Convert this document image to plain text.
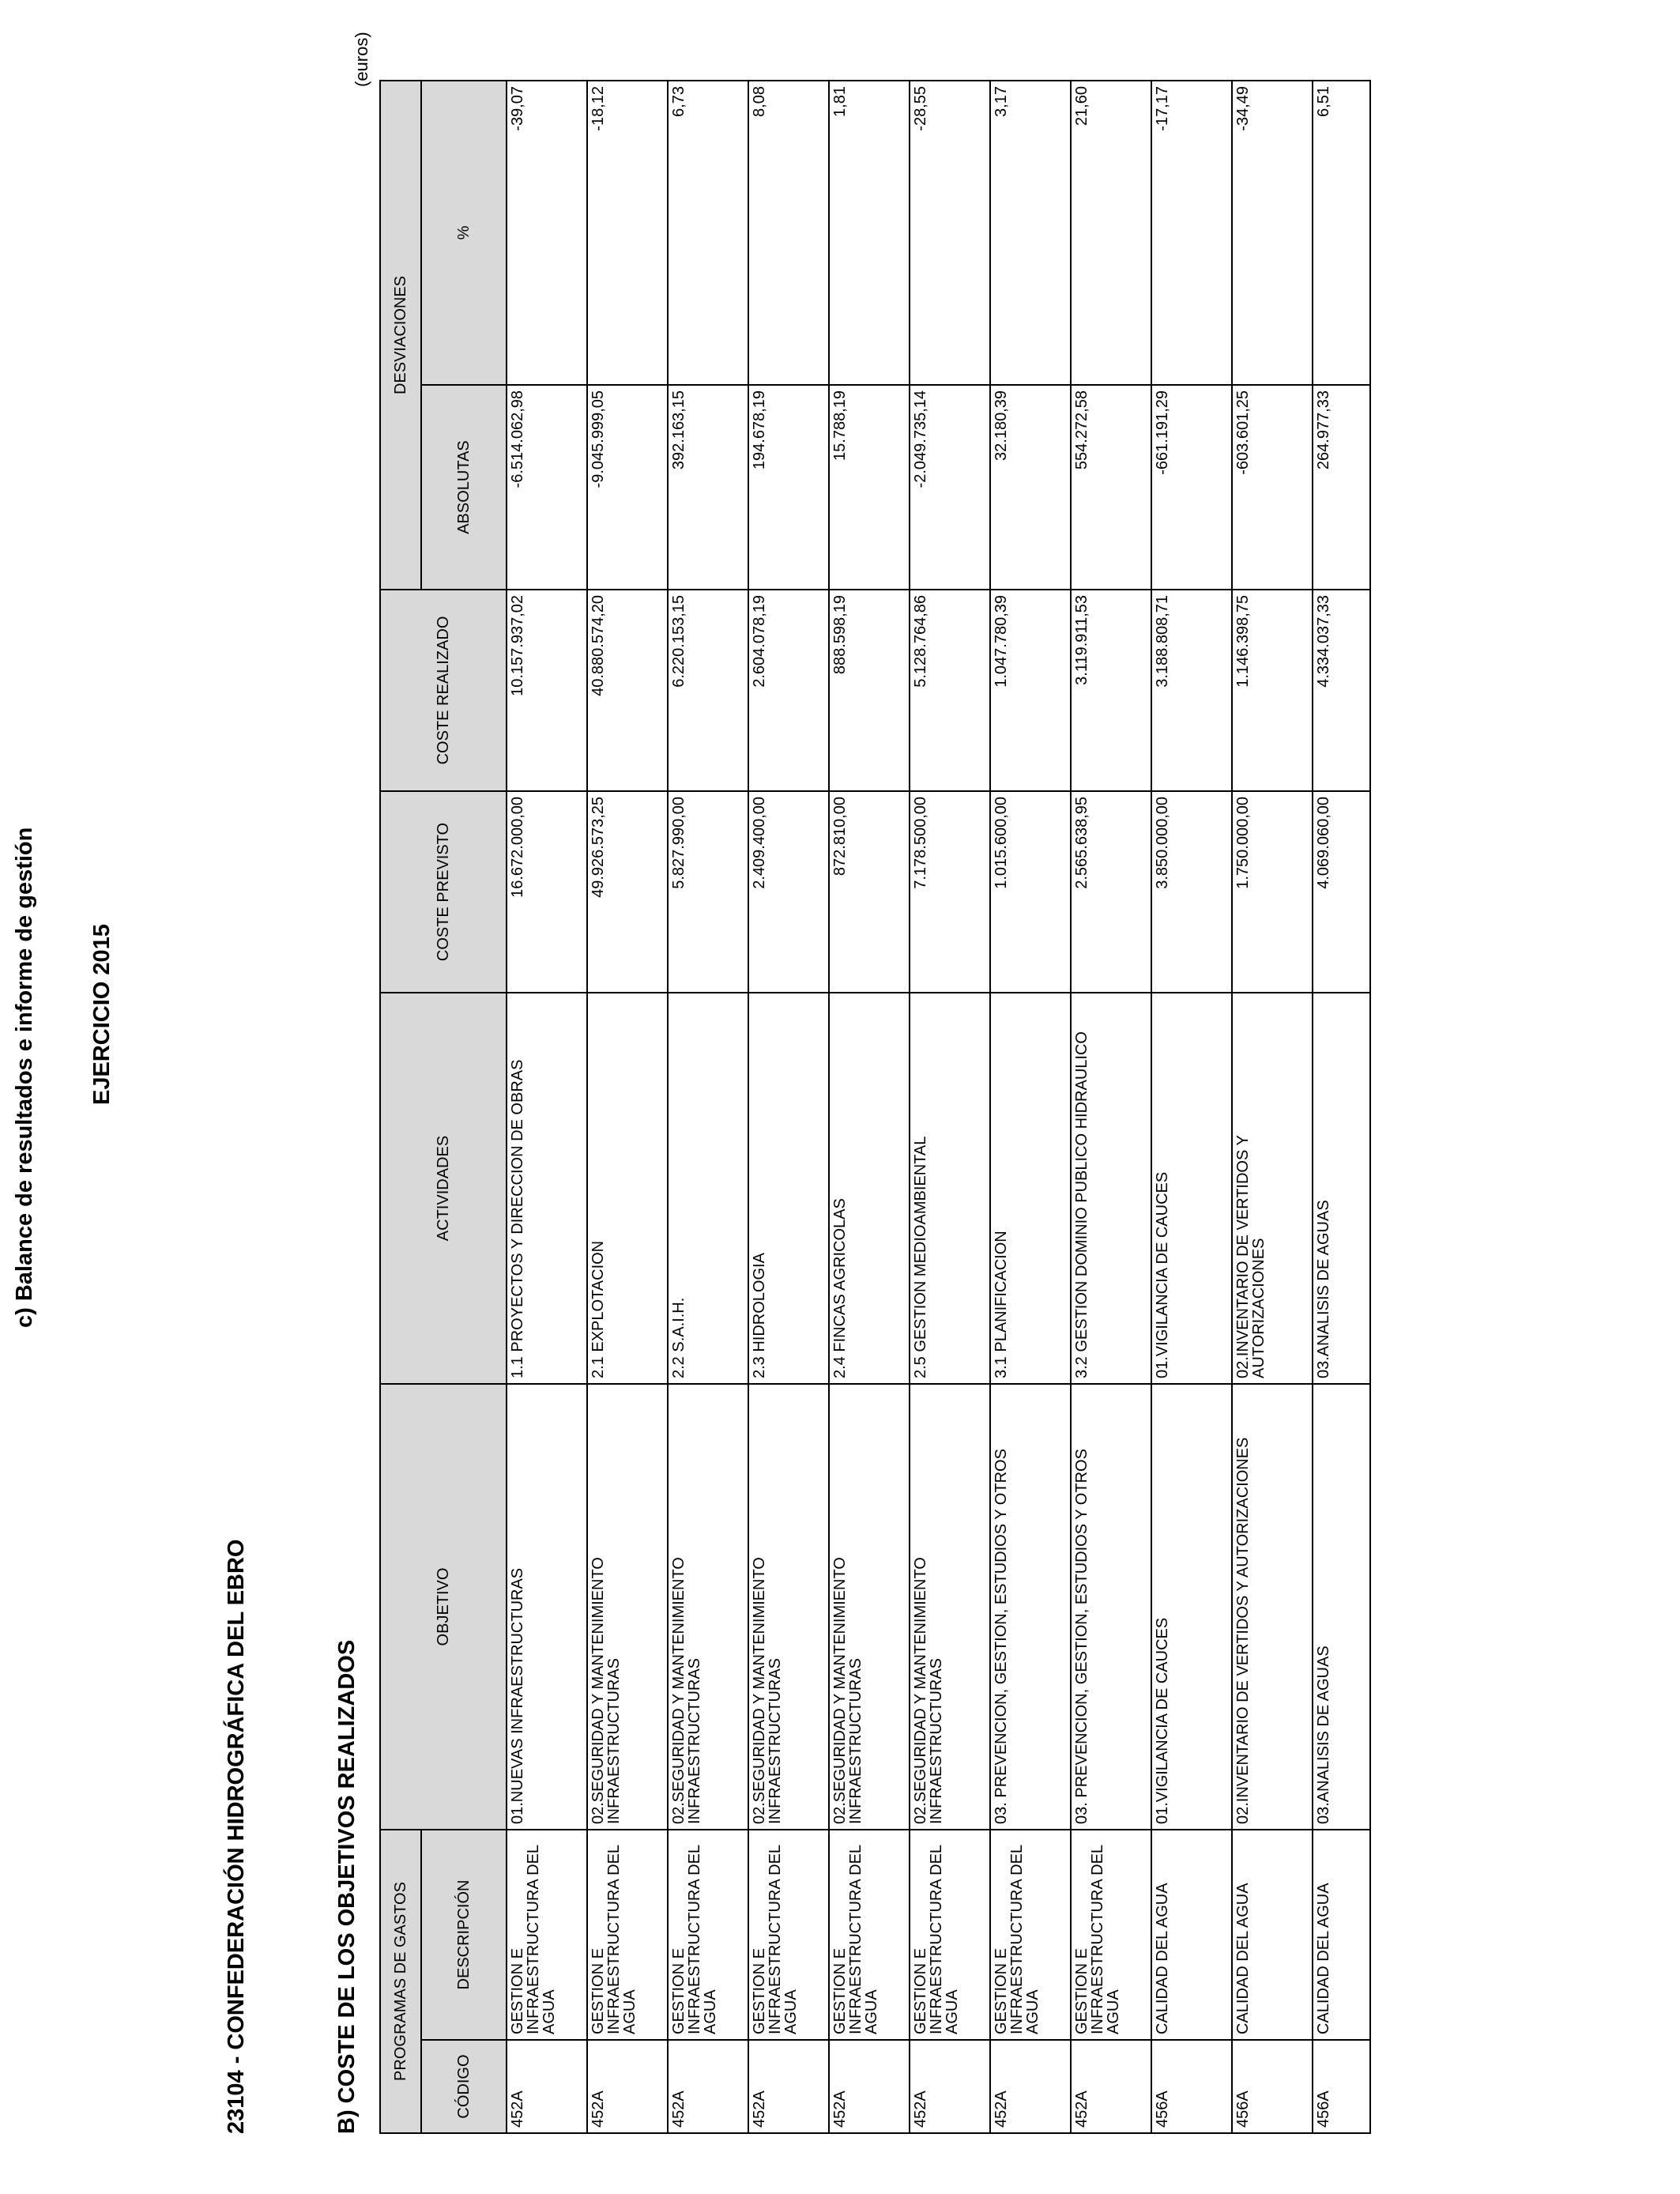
c) Balance de resultados e informe de gestión EJERCICIO 2015
23104 - CONFEDERACIÓN HIDROGRÁFICA DEL EBRO	B) COSTE DE LOS OBJETIVOS REALIZADOS
(euros)
PROGRAMAS DE GASTOS		OBJETIVO	ACTIVIDADES	COSTE PREVISTO	COSTE REALIZADO	DESVIACIONES	
CÓDIGO	DESCRIPCIÓN					ABSOLUTAS	%
452A	GESTION E INFRAESTRUCTURA DEL AGUA	01.NUEVAS INFRAESTRUCTURAS	1.1 PROYECTOS Y DIRECCION DE OBRAS	16.672.000,00	10.157.937,02	-6.514.062,98	-39,07
452A	GESTION E INFRAESTRUCTURA DEL AGUA	02.SEGURIDAD Y MANTENIMIENTO INFRAESTRUCTURAS	2.1 EXPLOTACION	49.926.573,25	40.880.574,20	-9.045.999,05	-18,12
452A	GESTION E INFRAESTRUCTURA DEL AGUA	02.SEGURIDAD Y MANTENIMIENTO INFRAESTRUCTURAS	2.2 S.A.I.H.	5.827.990,00	6.220.153,15	392.163,15	6,73
452A	GESTION E INFRAESTRUCTURA DEL AGUA	02.SEGURIDAD Y MANTENIMIENTO INFRAESTRUCTURAS	2.3 HIDROLOGIA	2.409.400,00	2.604.078,19	194.678,19	8,08
452A	GESTION E INFRAESTRUCTURA DEL AGUA	02.SEGURIDAD Y MANTENIMIENTO INFRAESTRUCTURAS	2.4 FINCAS AGRICOLAS	872.810,00	888.598,19	15.788,19	1,81
452A	GESTION E INFRAESTRUCTURA DEL AGUA	02.SEGURIDAD Y MANTENIMIENTO INFRAESTRUCTURAS	2.5 GESTION MEDIOAMBIENTAL	7.178.500,00	5.128.764,86	-2.049.735,14	-28,55
452A	GESTION E INFRAESTRUCTURA DEL AGUA	03. PREVENCION, GESTION, ESTUDIOS Y OTROS	3.1 PLANIFICACION	1.015.600,00	1.047.780,39	32.180,39	3,17
452A	GESTION E INFRAESTRUCTURA DEL AGUA	03. PREVENCION, GESTION, ESTUDIOS Y OTROS	3.2 GESTION DOMINIO PUBLICO HIDRAULICO	2.565.638,95	3.119.911,53	554.272,58	21,60
456A	CALIDAD DEL AGUA	01.VIGILANCIA DE CAUCES	01.VIGILANCIA DE CAUCES	3.850.000,00	3.188.808,71	-661.191,29	-17,17
456A	CALIDAD DEL AGUA	02.INVENTARIO DE VERTIDOS Y AUTORIZACIONES	02.INVENTARIO DE VERTIDOS Y AUTORIZACIONES	1.750.000,00	1.146.398,75	-603.601,25	-34,49
456A	CALIDAD DEL AGUA	03.ANALISIS DE AGUAS	03.ANALISIS DE AGUAS	4.069.060,00	4.334.037,33	264.977,33	6,51
